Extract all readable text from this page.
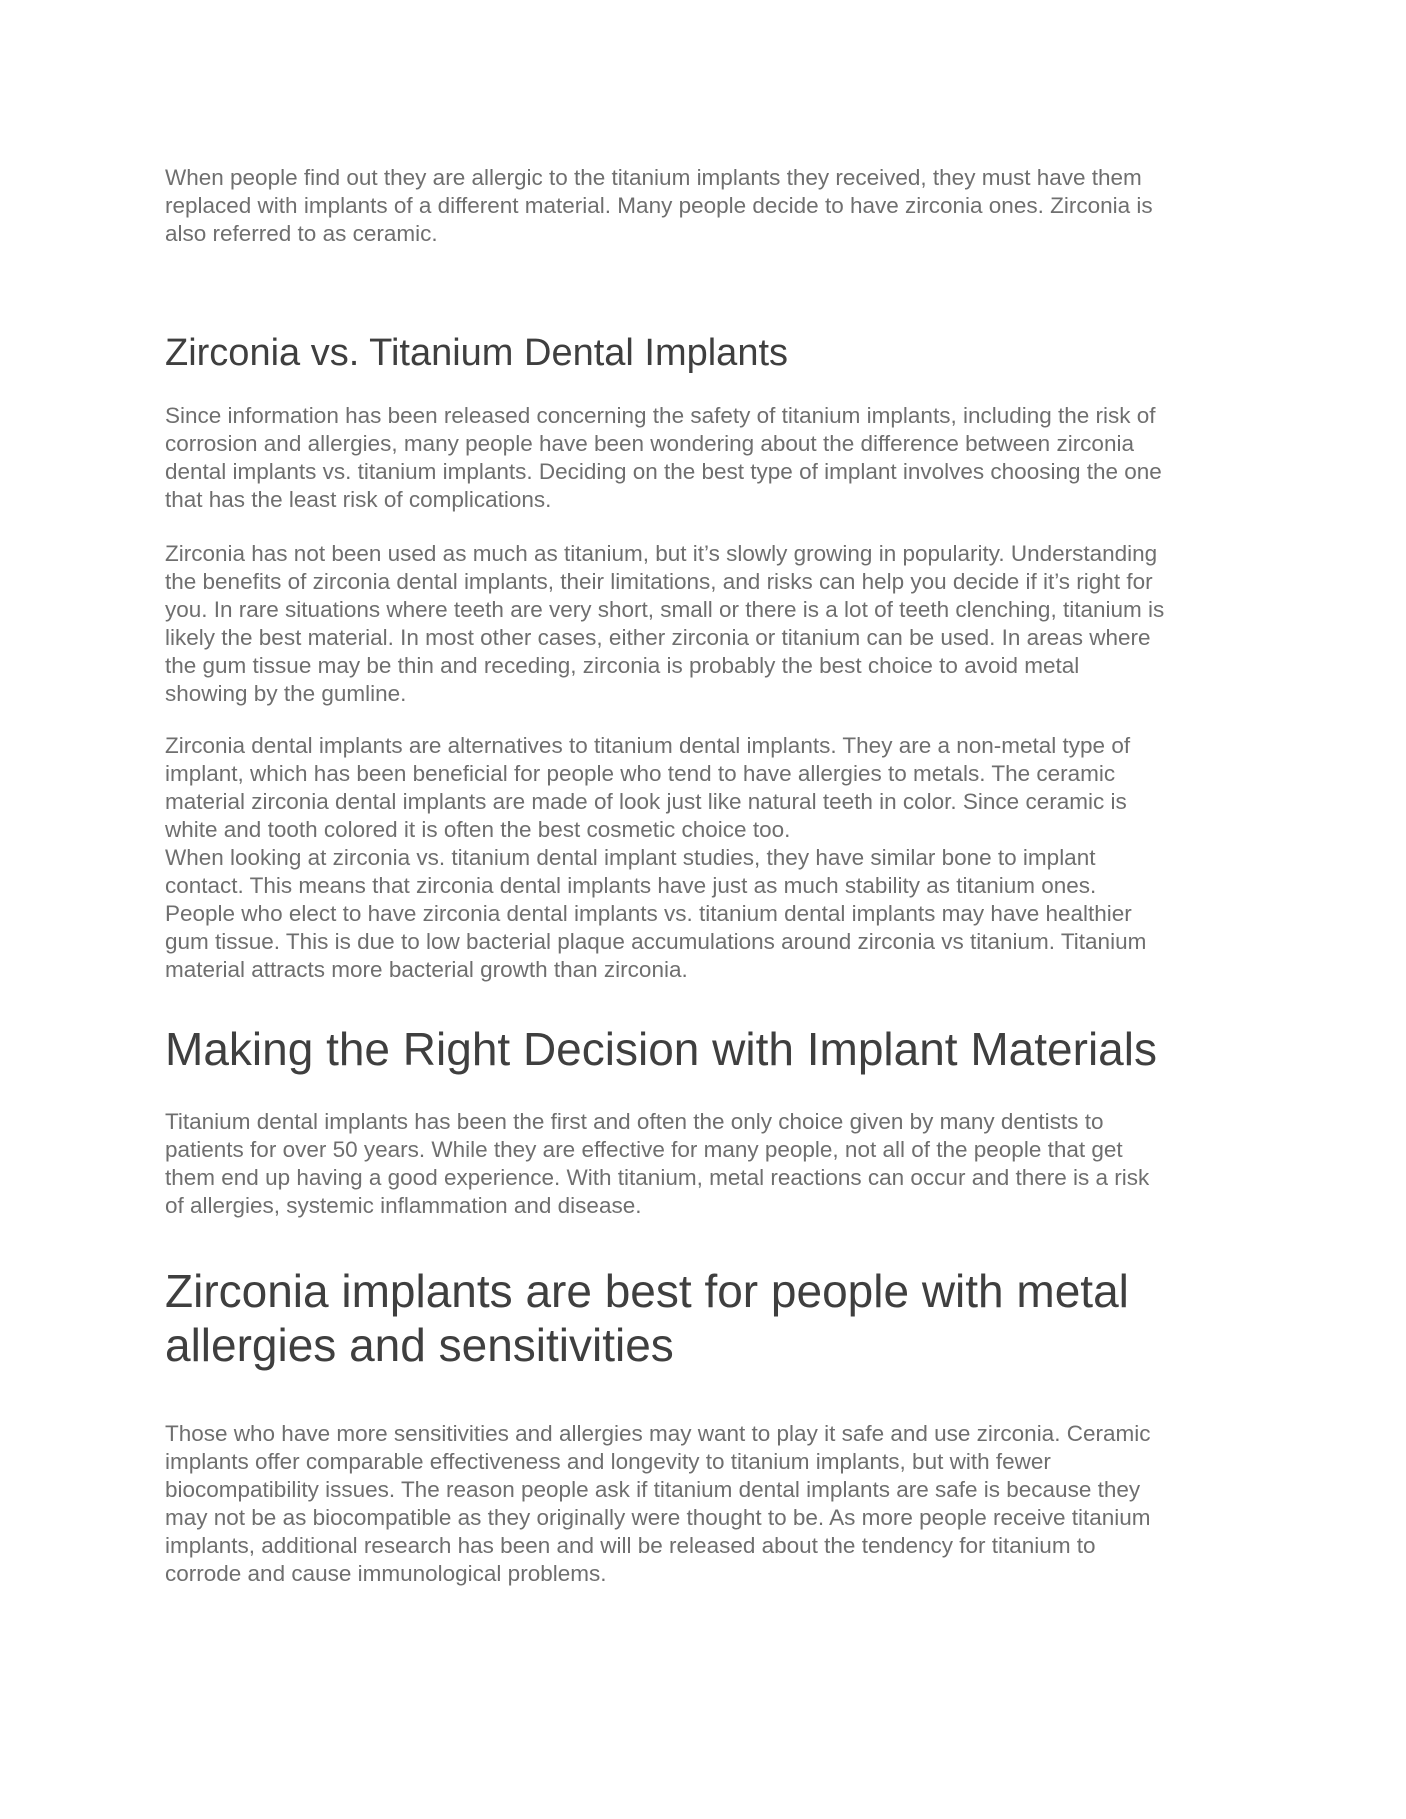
When people find out they are allergic to the titanium implants they received, they must have them
replaced with implants of a different material. Many people decide to have zirconia ones. Zirconia is
also referred to as ceramic.

Zirconia vs. Titanium Dental Implants

Since information has been released concerning the safety of titanium implants, including the risk of
corrosion and allergies, many people have been wondering about the difference between zirconia
dental implants vs. titanium implants. Deciding on the best type of implant involves choosing the one
that has the least risk of complications.

Zirconia has not been used as much as titanium, but it’s slowly growing in popularity. Understanding
the benefits of zirconia dental implants, their limitations, and risks can help you decide if it’s right for
you. In rare situations where teeth are very short, small or there is a lot of teeth clenching, titanium is
likely the best material. In most other cases, either zirconia or titanium can be used. In areas where
the gum tissue may be thin and receding, zirconia is probably the best choice to avoid metal
showing by the gumline.

Zirconia dental implants are alternatives to titanium dental implants. They are a non-metal type of
implant, which has been beneficial for people who tend to have allergies to metals. The ceramic
material zirconia dental implants are made of look just like natural teeth in color. Since ceramic is
white and tooth colored it is often the best cosmetic choice too.
When looking at zirconia vs. titanium dental implant studies, they have similar bone to implant
contact. This means that zirconia dental implants have just as much stability as titanium ones.
People who elect to have zirconia dental implants vs. titanium dental implants may have healthier
gum tissue. This is due to low bacterial plaque accumulations around zirconia vs titanium. Titanium
material attracts more bacterial growth than zirconia.

Making the Right Decision with Implant Materials

Titanium dental implants has been the first and often the only choice given by many dentists to
patients for over 50 years. While they are effective for many people, not all of the people that get
them end up having a good experience. With titanium, metal reactions can occur and there is a risk
of allergies, systemic inflammation and disease.

Zirconia implants are best for people with metal
allergies and sensitivities

Those who have more sensitivities and allergies may want to play it safe and use zirconia. Ceramic
implants offer comparable effectiveness and longevity to titanium implants, but with fewer
biocompatibility issues. The reason people ask if titanium dental implants are safe is because they
may not be as biocompatible as they originally were thought to be. As more people receive titanium
implants, additional research has been and will be released about the tendency for titanium to
corrode and cause immunological problems.
